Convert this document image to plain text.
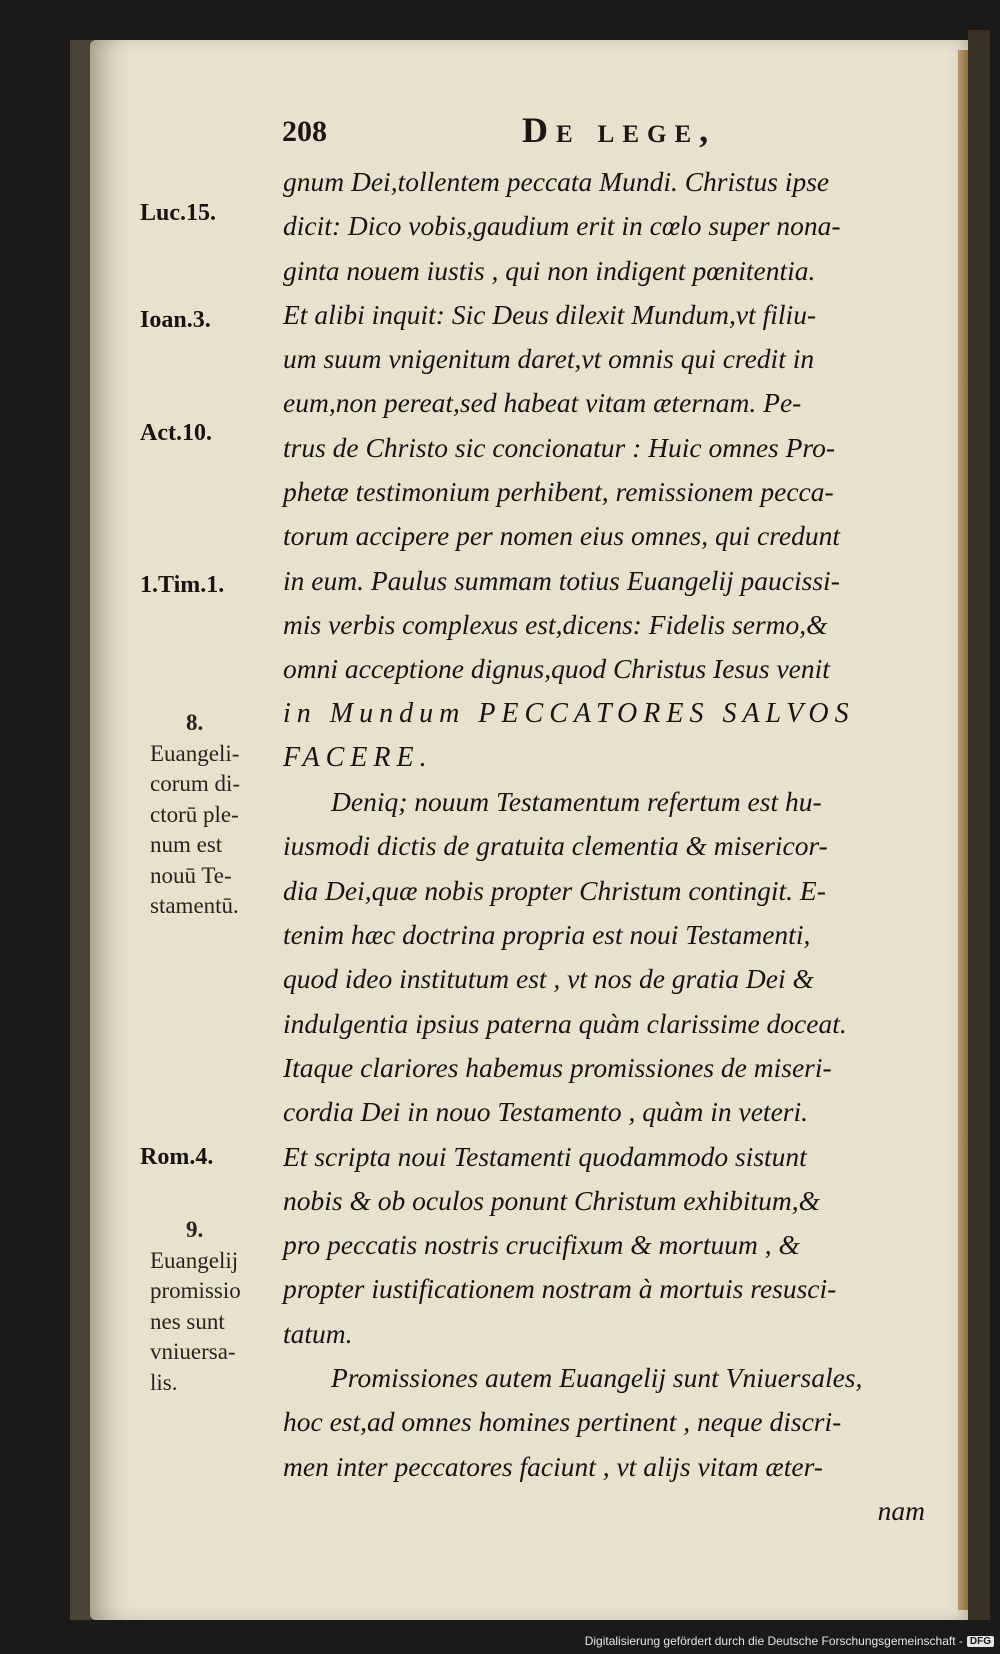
208	De lege,
Luc.15.
Ioan.3.
Act.10.
1.Tim.1.
Rom.4.
8.
Euangeli-
corum di-
ctorū ple-
num est
nouū Te-
stamentū.
9.
Euangelij
promissio
nes sunt
vniuersa-
lis.
gnum Dei,tollentem peccata Mundi. Christus ipse
dicit: Dico vobis,gaudium erit in cœlo super nona-
ginta nouem iustis , qui non indigent pœnitentia.
Et alibi inquit: Sic Deus dilexit Mundum,vt filiu-
um suum vnigenitum daret,vt omnis qui credit in
eum,non pereat,sed habeat vitam æternam. Pe-
trus de Christo sic concionatur : Huic omnes Pro-
phetæ testimonium perhibent, remissionem pecca-
torum accipere per nomen eius omnes, qui credunt
in eum. Paulus summam totius Euangelij paucissi-
mis verbis complexus est,dicens: Fidelis sermo,&
omni acceptione dignus,quod Christus Iesus venit
in Mundum PECCATORES SALVOS
FACERE.
Deniq; nouum Testamentum refertum est hu-
iusmodi dictis de gratuita clementia & misericor-
dia Dei,quæ nobis propter Christum contingit. E-
tenim hæc doctrina propria est noui Testamenti,
quod ideo institutum est , vt nos de gratia Dei &
indulgentia ipsius paterna quàm clarissime doceat.
Itaque clariores habemus promissiones de miseri-
cordia Dei in nouo Testamento , quàm in veteri.
Et scripta noui Testamenti quodammodo sistunt
nobis & ob oculos ponunt Christum exhibitum,&
pro peccatis nostris crucifixum & mortuum , &
propter iustificationem nostram à mortuis resusci-
tatum.
Promissiones autem Euangelij sunt Vniuersales,
hoc est,ad omnes homines pertinent , neque discri-
men inter peccatores faciunt , vt alijs vitam æter-
nam
Digitalisierung gefördert durch die Deutsche Forschungsgemeinschaft - DFG
